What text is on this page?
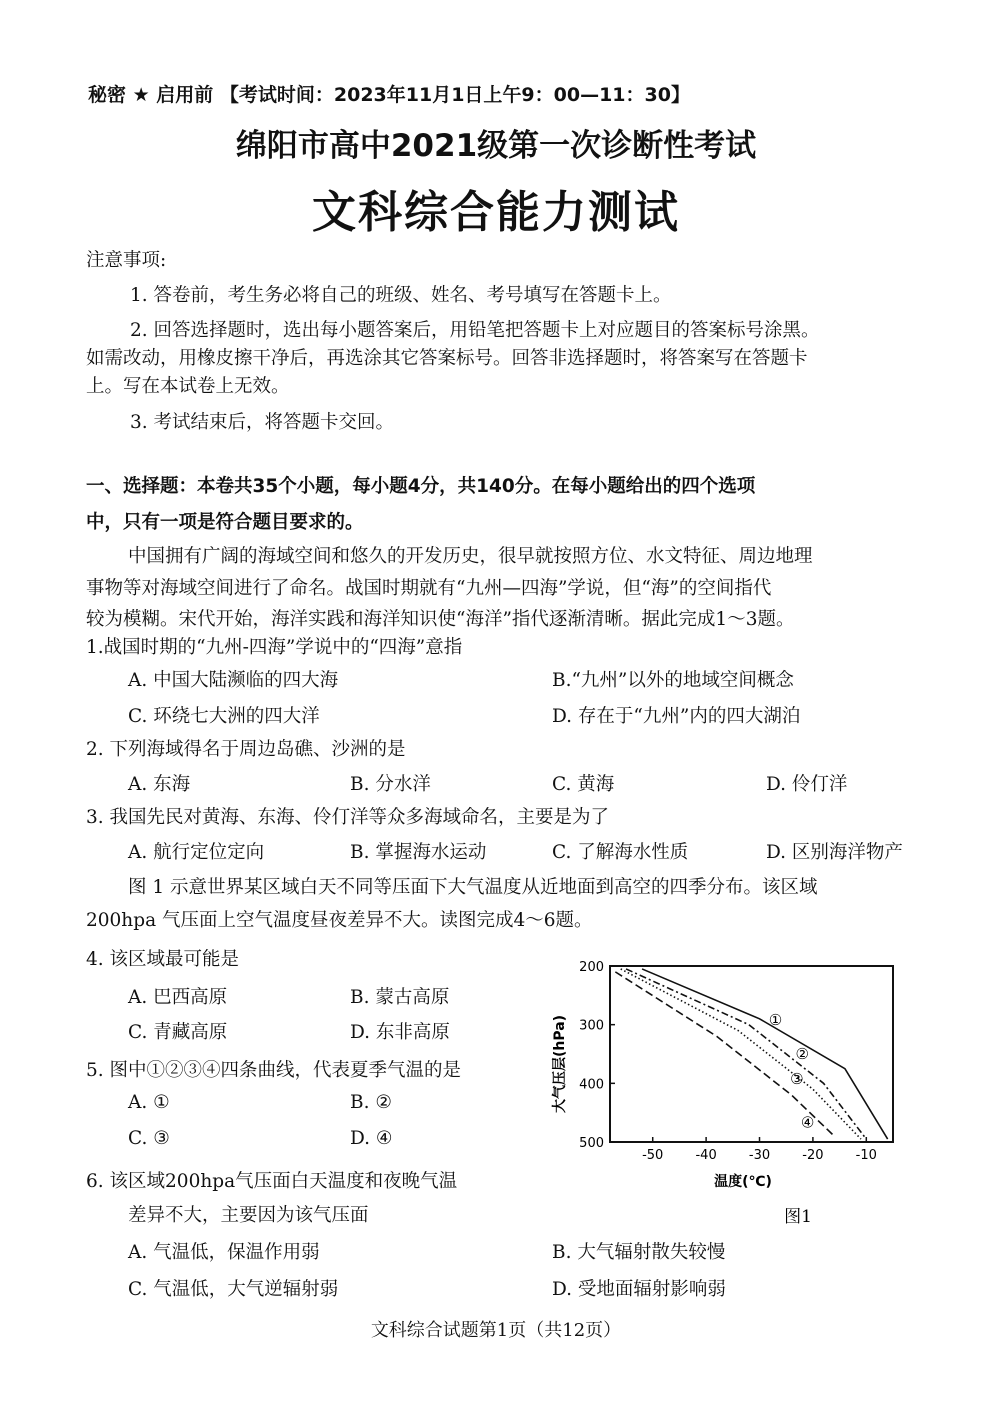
秘密 ★ 启用前 【考试时间：2023年11月1日上午9：00—11：30】
绵阳市高中2021级第一次诊断性考试
文科综合能力测试
注意事项:
1. 答卷前，考生务必将自己的班级、姓名、考号填写在答题卡上。
2. 回答选择题时，选出每小题答案后，用铅笔把答题卡上对应题目的答案标号涂黑。
如需改动，用橡皮擦干净后，再选涂其它答案标号。回答非选择题时，将答案写在答题卡
上。写在本试卷上无效。
3. 考试结束后，将答题卡交回。
一、选择题：本卷共35个小题，每小题4分，共140分。在每小题给出的四个选项
中，只有一项是符合题目要求的。
中国拥有广阔的海域空间和悠久的开发历史，很早就按照方位、水文特征、周边地理
事物等对海域空间进行了命名。战国时期就有“九州—四海”学说，但“海”的空间指代
较为模糊。宋代开始，海洋实践和海洋知识使“海洋”指代逐渐清晰。据此完成1～3题。
1.战国时期的“九州-四海”学说中的“四海”意指
A. 中国大陆濒临的四大海	B.“九州”以外的地域空间概念
C. 环绕七大洲的四大洋	D. 存在于“九州”内的四大湖泊
2. 下列海域得名于周边岛礁、沙洲的是
A. 东海	B. 分水洋	C. 黄海	D. 伶仃洋
3. 我国先民对黄海、东海、伶仃洋等众多海域命名，主要是为了
A. 航行定位定向	B. 掌握海水运动	C. 了解海水性质	D. 区别海洋物产
图 1 示意世界某区域白天不同等压面下大气温度从近地面到高空的四季分布。该区域
200hpa 气压面上空气温度昼夜差异不大。读图完成4～6题。
4. 该区域最可能是
A. 巴西高原	B. 蒙古高原
C. 青藏高原	D. 东非高原
5. 图中①②③④四条曲线，代表夏季气温的是
A. ①	B. ②
C. ③	D. ④
6. 该区域200hpa气压面白天温度和夜晚气温
差异不大，主要因为该气压面
A. 气温低，保温作用弱	B. 大气辐射散失较慢
C. 气温低，大气逆辐射弱	D. 受地面辐射影响弱
-50 -40 -30 -20 -10
200
300
400
500
①
②
③
④
温度(℃)
大气压层(hPa)
图1
文科综合试题第1页（共12页）
